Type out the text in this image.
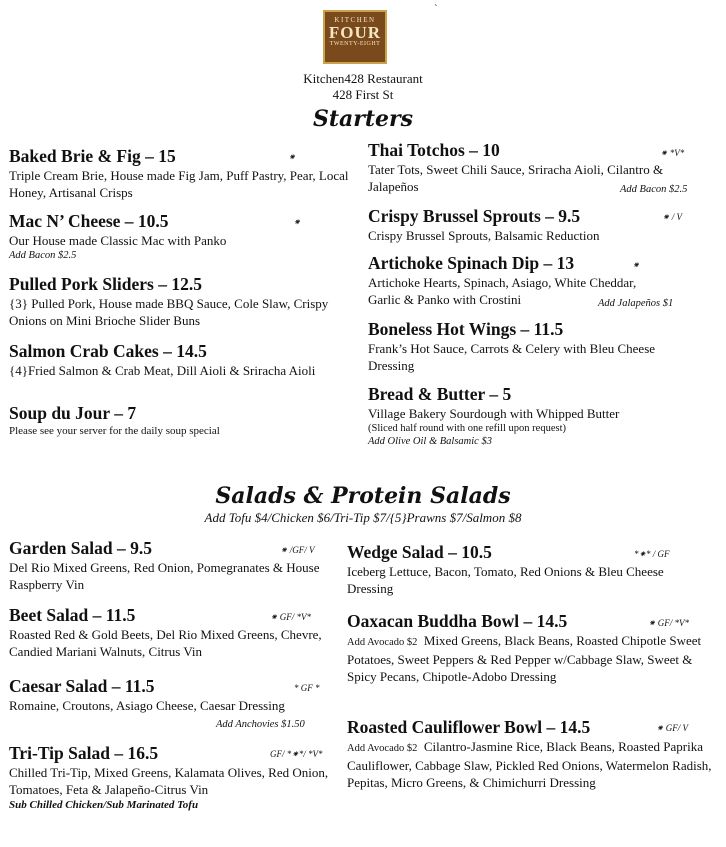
KITCHEN
FOUR
TWENTY-EIGHT
`
Kitchen428 Restaurant
428 First St
Starters
Baked Brie & Fig – 15
Triple Cream Brie, House made Fig Jam, Puff Pastry, Pear, Local Honey, Artisanal Crisps
⁕
Mac N’ Cheese – 10.5
Our House made Classic Mac with Panko
Add Bacon $2.5
⁕
Pulled Pork Sliders – 12.5
{3} Pulled Pork, House made BBQ Sauce, Cole Slaw, Crispy Onions on Mini Brioche Slider Buns
Salmon Crab Cakes – 14.5
{4}Fried Salmon & Crab Meat, Dill Aioli & Sriracha Aioli
Soup du Jour – 7
Please see your server for the daily soup special
Thai Totchos – 10
Tater Tots, Sweet Chili Sauce, Sriracha Aioli, Cilantro & Jalapeños
⁕ *V*
Add Bacon $2.5
Crispy Brussel Sprouts – 9.5
Crispy Brussel Sprouts, Balsamic Reduction
⁕ / V
Artichoke Spinach Dip – 13
Artichoke Hearts, Spinach, Asiago, White Cheddar, Garlic & Panko with Crostini
⁕
Add Jalapeños $1
Boneless Hot Wings – 11.5
Frank’s Hot Sauce, Carrots & Celery with Bleu Cheese Dressing
Bread & Butter – 5
Village Bakery Sourdough with Whipped Butter
(Sliced half round with one refill upon request)
Add Olive Oil & Balsamic $3
Salads & Protein Salads
Add Tofu $4/Chicken $6/Tri-Tip $7/{5}Prawns $7/Salmon $8
Garden Salad – 9.5
Del Rio Mixed Greens, Red Onion, Pomegranates & House Raspberry Vin
⁕ /GF/ V
Beet Salad – 11.5
Roasted Red & Gold Beets, Del Rio Mixed Greens, Chevre, Candied Mariani Walnuts, Citrus Vin
⁕ GF/ *V*
Caesar Salad – 11.5
Romaine, Croutons, Asiago Cheese, Caesar Dressing
* GF *
Add Anchovies $1.50
Tri-Tip Salad – 16.5
Chilled Tri-Tip, Mixed Greens, Kalamata Olives, Red Onion, Tomatoes, Feta & Jalapeño-Citrus Vin
Sub Chilled Chicken/Sub Marinated Tofu
GF/ *⁕*/ *V*
Wedge Salad – 10.5
Iceberg Lettuce, Bacon, Tomato, Red Onions & Bleu Cheese Dressing
*⁕* / GF
Oaxacan Buddha Bowl – 14.5
Add Avocado $2 Mixed Greens, Black Beans, Roasted Chipotle Sweet Potatoes, Sweet Peppers & Red Pepper w/Cabbage Slaw, Sweet & Spicy Pecans, Chipotle-Adobo Dressing
⁕ GF/ *V*
Roasted Cauliflower Bowl – 14.5
Add Avocado $2 Cilantro-Jasmine Rice, Black Beans, Roasted Paprika Cauliflower, Cabbage Slaw, Pickled Red Onions, Watermelon Radish, Pepitas, Micro Greens, & Chimichurri Dressing
⁕ GF/ V
